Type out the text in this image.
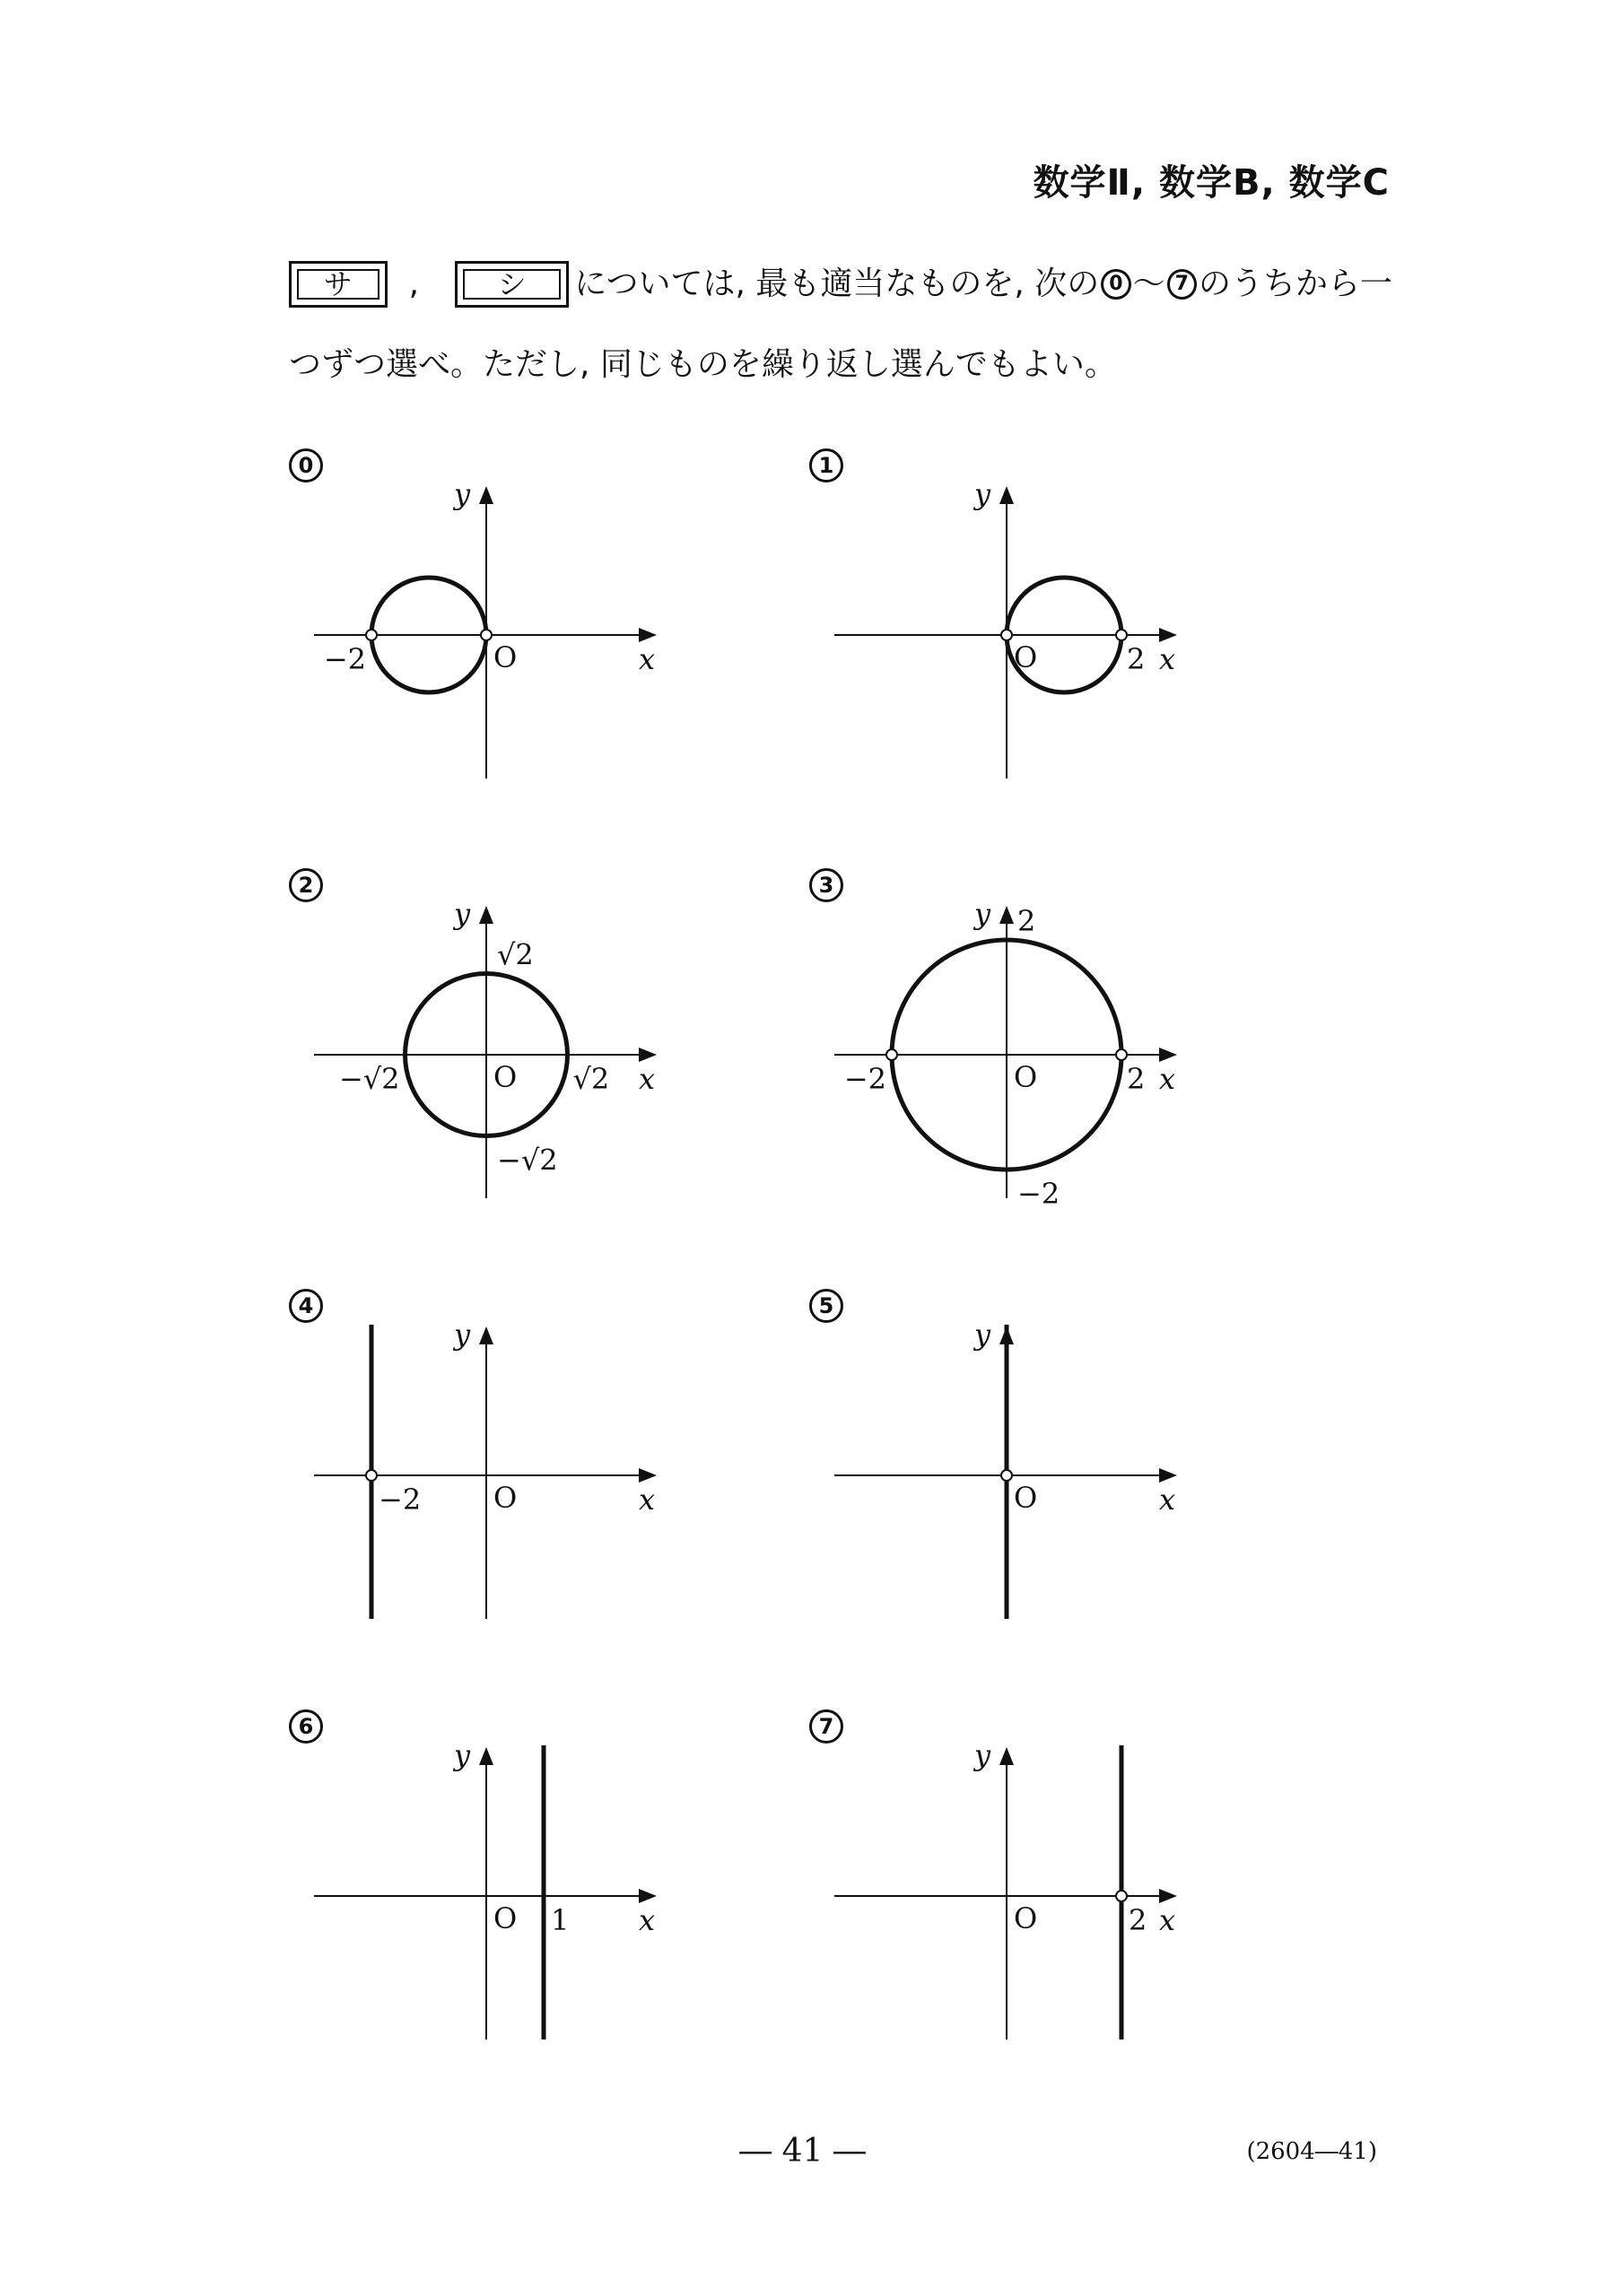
数学Ⅱ, 数学B, 数学C
サ	,	シ	については, 最も適当なものを, 次の 0 ～ 7 のうちから一
つずつ選べ。ただし, 同じものを繰り返し選んでもよい。
0
x
y
O
−2
1
x
y
O	2
2
x
y
O
−√2	√2
√2
−√2
3
x
y
O
−2	2
2
−2
4
x
y
O
−2
5
x
y
O
6
x
y
O 1
7
x
y
O	2
― 41 ―	(2604―41)
